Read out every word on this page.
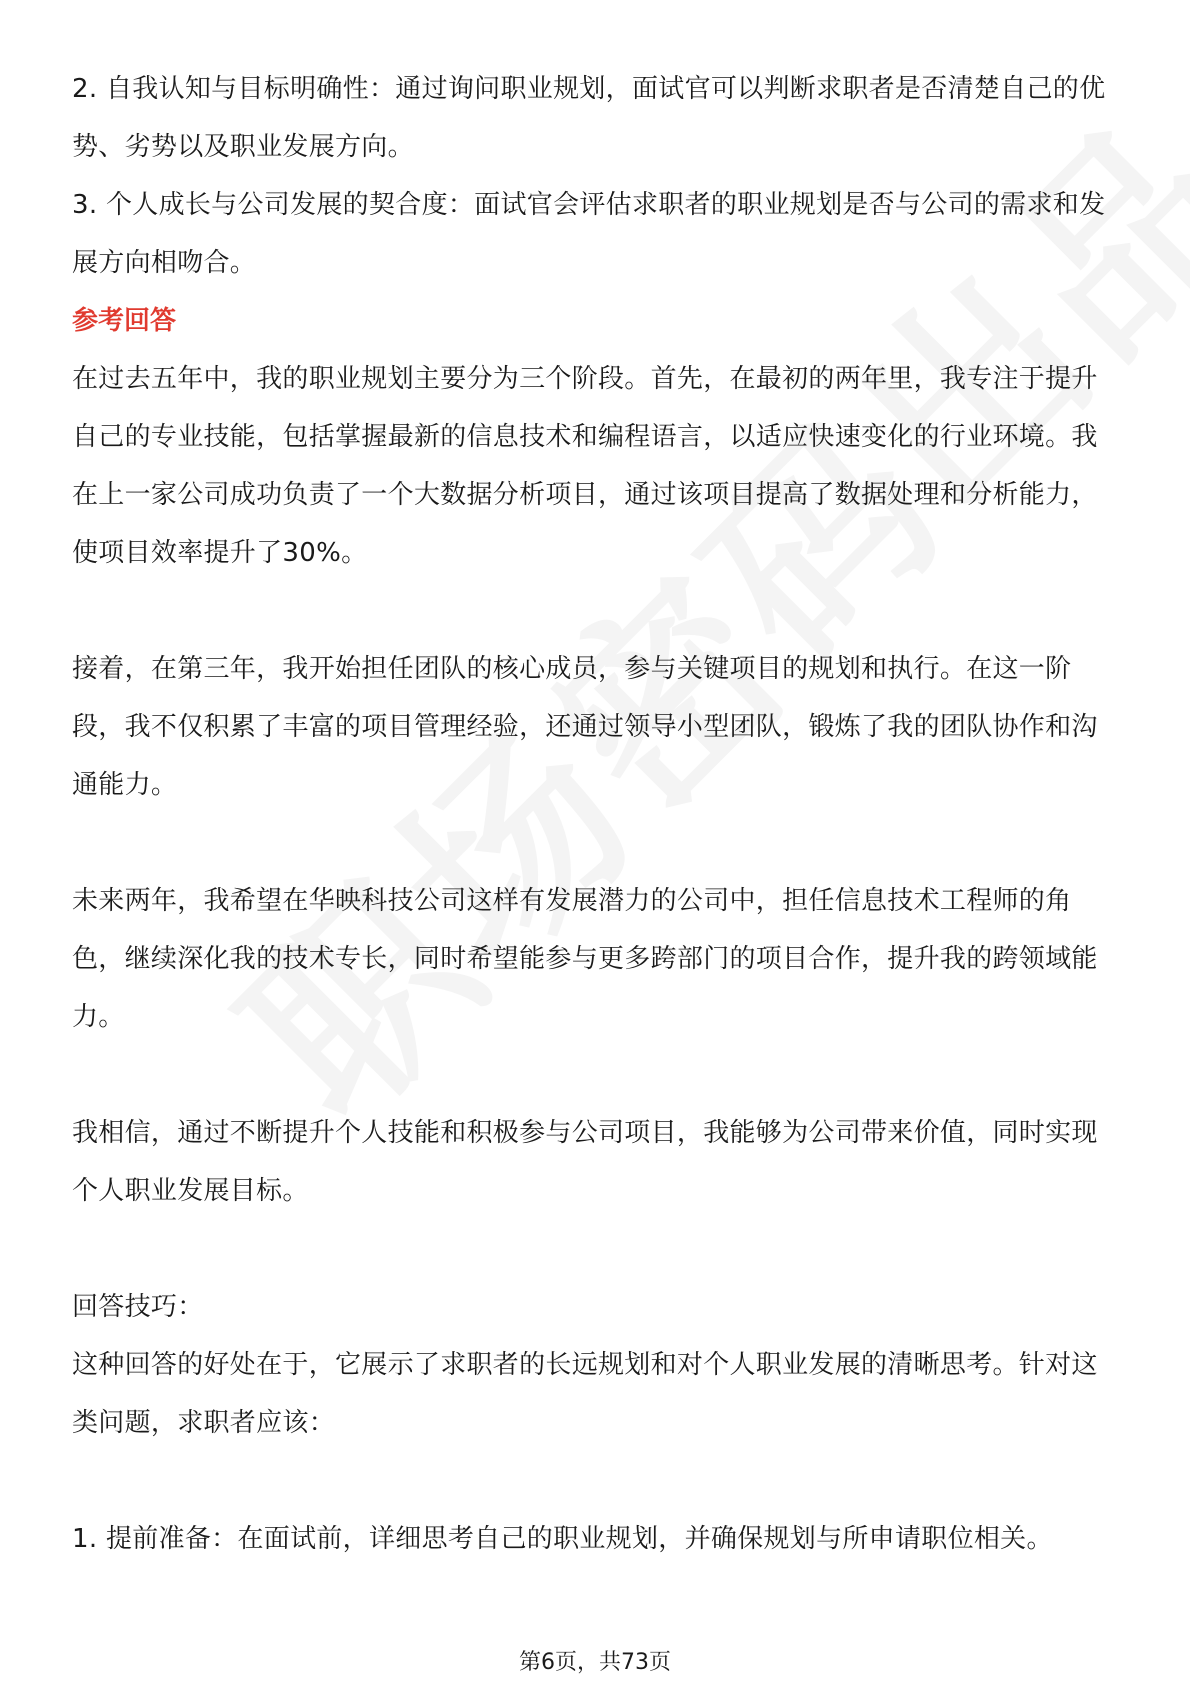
2. 自我认知与目标明确性：通过询问职业规划，面试官可以判断求职者是否清楚自己的优势、劣势以及职业发展方向。

3. 个人成长与公司发展的契合度：面试官会评估求职者的职业规划是否与公司的需求和发展方向相吻合。

参考回答

在过去五年中，我的职业规划主要分为三个阶段。首先，在最初的两年里，我专注于提升自己的专业技能，包括掌握最新的信息技术和编程语言，以适应快速变化的行业环境。我在上一家公司成功负责了一个大数据分析项目，通过该项目提高了数据处理和分析能力，使项目效率提升了30%。

接着，在第三年，我开始担任团队的核心成员，参与关键项目的规划和执行。在这一阶段，我不仅积累了丰富的项目管理经验，还通过领导小型团队，锻炼了我的团队协作和沟通能力。

未来两年，我希望在华映科技公司这样有发展潜力的公司中，担任信息技术工程师的角色，继续深化我的技术专长，同时希望能参与更多跨部门的项目合作，提升我的跨领域能力。

我相信，通过不断提升个人技能和积极参与公司项目，我能够为公司带来价值，同时实现个人职业发展目标。

回答技巧：

这种回答的好处在于，它展示了求职者的长远规划和对个人职业发展的清晰思考。针对这类问题，求职者应该：

1. 提前准备：在面试前，详细思考自己的职业规划，并确保规划与所申请职位相关。

第6页，共73页
